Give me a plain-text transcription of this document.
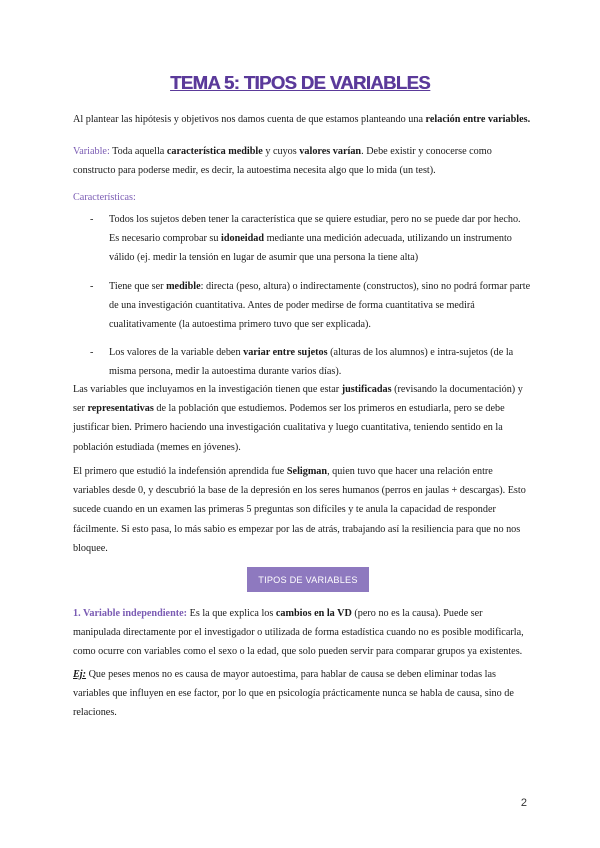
TEMA 5: TIPOS DE VARIABLES
Al plantear las hipótesis y objetivos nos damos cuenta de que estamos planteando una relación entre variables.
Variable: Toda aquella característica medible y cuyos valores varían. Debe existir y conocerse como constructo para poderse medir, es decir, la autoestima necesita algo que lo mida (un test).
Características:
- Todos los sujetos deben tener la característica que se quiere estudiar, pero no se puede dar por hecho. Es necesario comprobar su idoneidad mediante una medición adecuada, utilizando un instrumento válido (ej. medir la tensión en lugar de asumir que una persona la tiene alta)
- Tiene que ser medible: directa (peso, altura) o indirectamente (constructos), sino no podrá formar parte de una investigación cuantitativa. Antes de poder medirse de forma cuantitativa se medirá cualitativamente (la autoestima primero tuvo que ser explicada).
- Los valores de la variable deben variar entre sujetos (alturas de los alumnos) e intra-sujetos (de la misma persona, medir la autoestima durante varios días).
Las variables que incluyamos en la investigación tienen que estar justificadas (revisando la documentación) y ser representativas de la población que estudiemos. Podemos ser los primeros en estudiarla, pero se debe justificar bien. Primero haciendo una investigación cualitativa y luego cuantitativa, teniendo sentido en la población estudiada (memes en jóvenes).
El primero que estudió la indefensión aprendida fue Seligman, quien tuvo que hacer una relación entre variables desde 0, y descubrió la base de la depresión en los seres humanos (perros en jaulas + descargas). Esto sucede cuando en un examen las primeras 5 preguntas son difíciles y te anula la capacidad de responder fácilmente. Si esto pasa, lo más sabio es empezar por las de atrás, trabajando así la resiliencia para que no nos bloquee.
TIPOS DE VARIABLES
1. Variable independiente: Es la que explica los cambios en la VD (pero no es la causa). Puede ser manipulada directamente por el investigador o utilizada de forma estadística cuando no es posible modificarla, como ocurre con variables como el sexo o la edad, que solo pueden servir para comparar grupos ya existentes.
Ej: Que peses menos no es causa de mayor autoestima, para hablar de causa se deben eliminar todas las variables que influyen en ese factor, por lo que en psicología prácticamente nunca se habla de causa, sino de relaciones.
2
